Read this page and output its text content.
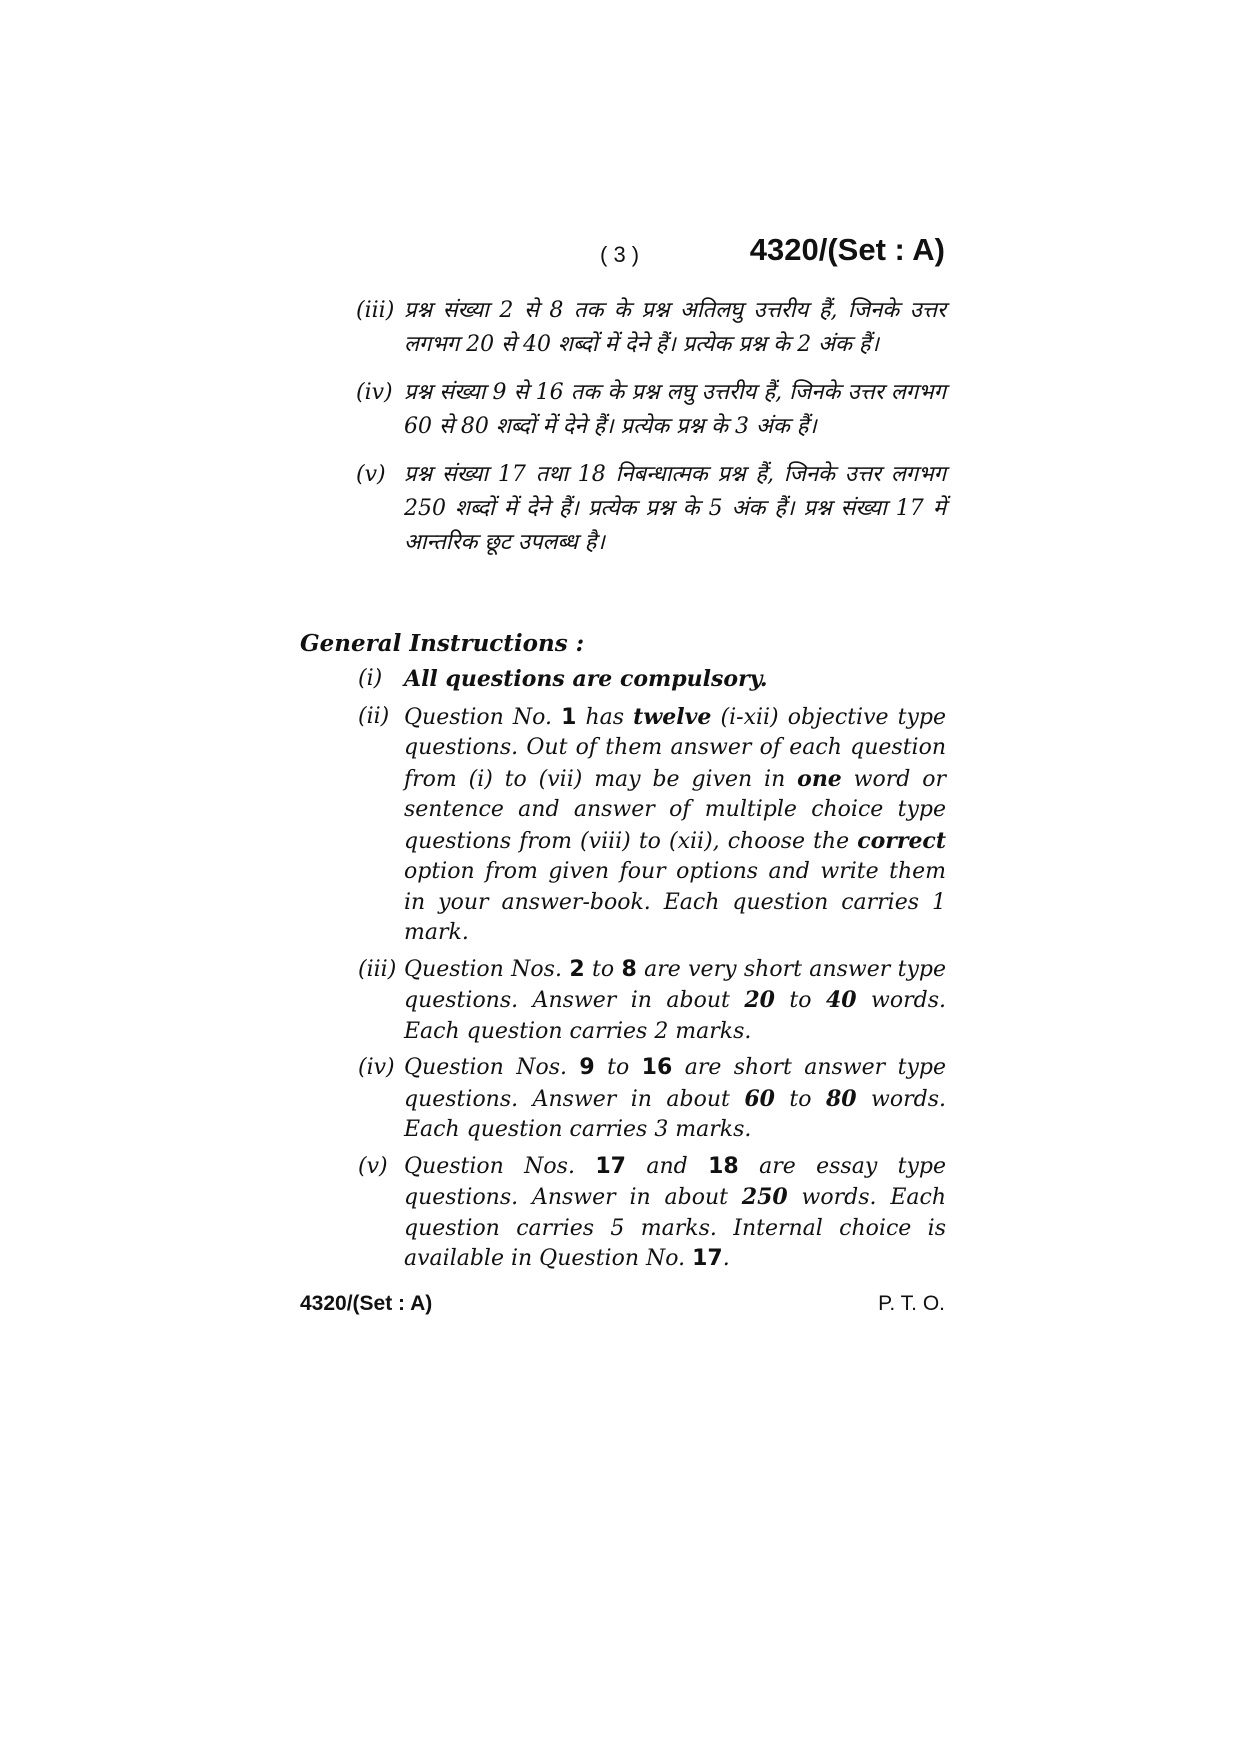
( 3 )	4320/(Set : A)
(iii) प्रश्न संख्या 2 से 8 तक के प्रश्न अतिलघु उत्तरीय हैं, जिनके उत्तर लगभग 20 से 40 शब्दों में देने हैं। प्रत्येक प्रश्न के 2 अंक हैं।
(iv) प्रश्न संख्या 9 से 16 तक के प्रश्न लघु उत्तरीय हैं, जिनके उत्तर लगभग 60 से 80 शब्दों में देने हैं। प्रत्येक प्रश्न के 3 अंक हैं।
(v) प्रश्न संख्या 17 तथा 18 निबन्धात्मक प्रश्न हैं, जिनके उत्तर लगभग 250 शब्दों में देने हैं। प्रत्येक प्रश्न के 5 अंक हैं। प्रश्न संख्या 17 में आन्तरिक छूट उपलब्ध है।
General Instructions :
(i) All questions are compulsory.
(ii) Question No. 1 has twelve (i-xii) objective type questions. Out of them answer of each question from (i) to (vii) may be given in one word or sentence and answer of multiple choice type questions from (viii) to (xii), choose the correct option from given four options and write them in your answer-book. Each question carries 1 mark.
(iii) Question Nos. 2 to 8 are very short answer type questions. Answer in about 20 to 40 words. Each question carries 2 marks.
(iv) Question Nos. 9 to 16 are short answer type questions. Answer in about 60 to 80 words. Each question carries 3 marks.
(v) Question Nos. 17 and 18 are essay type questions. Answer in about 250 words. Each question carries 5 marks. Internal choice is available in Question No. 17.
4320/(Set : A)	P. T. O.
